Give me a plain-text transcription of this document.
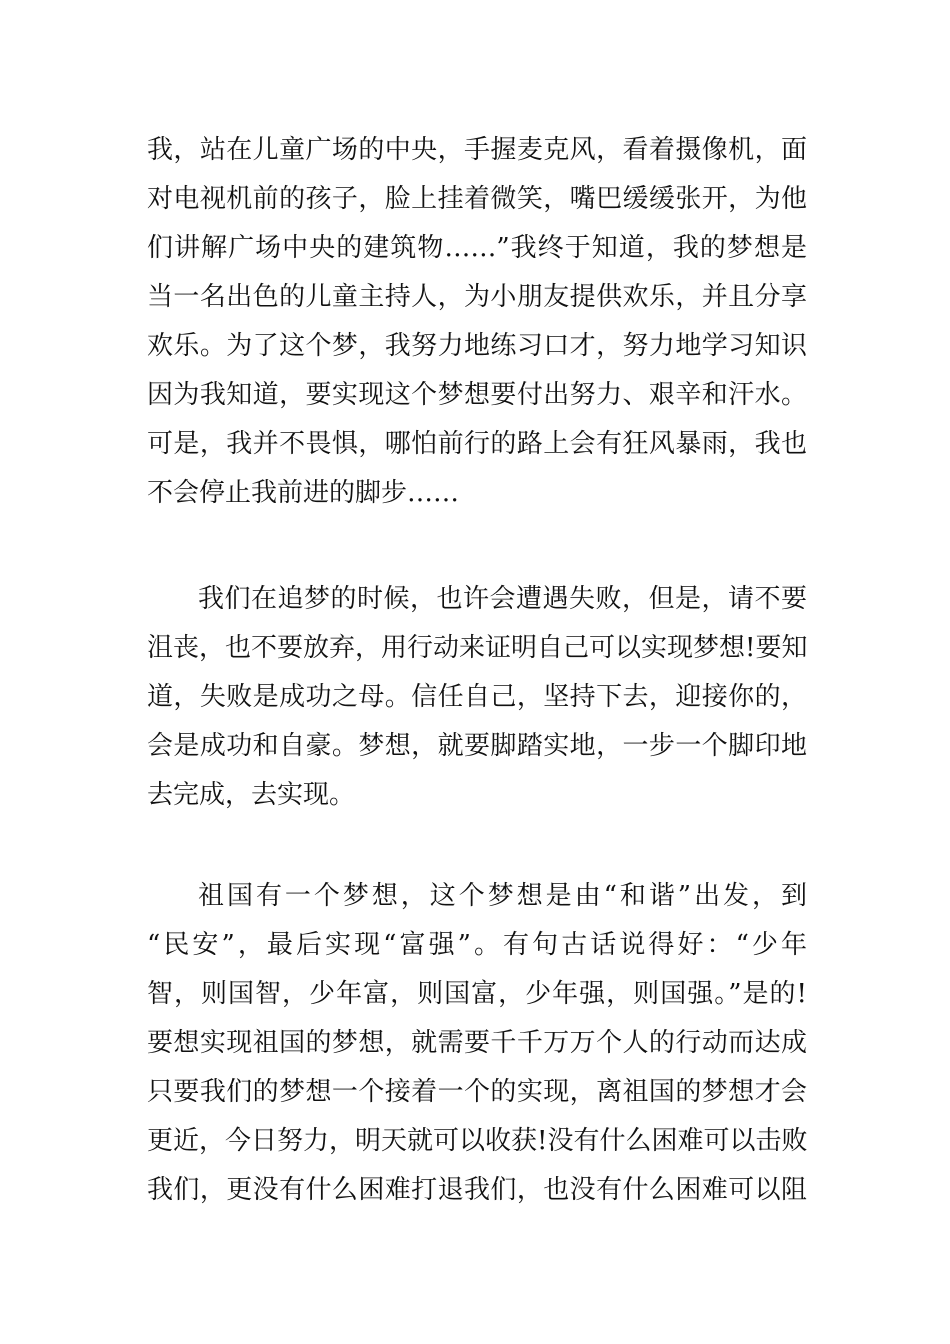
我，站在儿童广场的中央，手握麦克风，看着摄像机，面
对电视机前的孩子，脸上挂着微笑，嘴巴缓缓张开，为他
们讲解广场中央的建筑物……”我终于知道，我的梦想是
当一名出色的儿童主持人，为小朋友提供欢乐，并且分享
欢乐。为了这个梦，我努力地练习口才，努力地学习知识
因为我知道，要实现这个梦想要付出努力、艰辛和汗水。
可是，我并不畏惧，哪怕前行的路上会有狂风暴雨，我也
不会停止我前进的脚步……
我们在追梦的时候，也许会遭遇失败，但是，请不要
沮丧，也不要放弃，用行动来证明自己可以实现梦想!要知
道，失败是成功之母。信任自己，坚持下去，迎接你的，
会是成功和自豪。梦想，就要脚踏实地，一步一个脚印地
去完成，去实现。
祖国有一个梦想，这个梦想是由“和谐”出发，到
“民安”，最后实现“富强”。有句古话说得好：“少年
智，则国智，少年富，则国富，少年强，则国强。”是的!
要想实现祖国的梦想，就需要千千万万个人的行动而达成
只要我们的梦想一个接着一个的实现，离祖国的梦想才会
更近，今日努力，明天就可以收获!没有什么困难可以击败
我们，更没有什么困难打退我们，也没有什么困难可以阻
